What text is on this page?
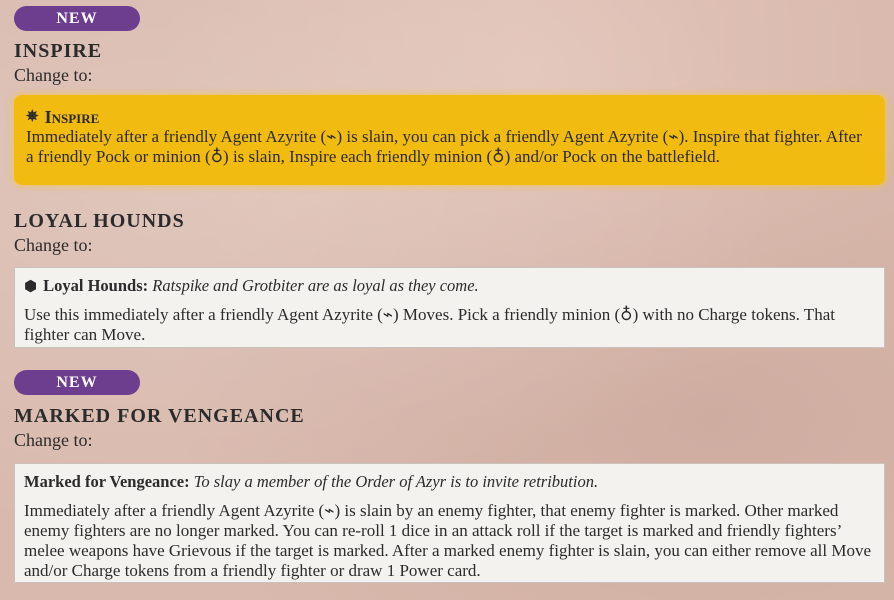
NEW
INSPIRE
Change to:
✵ Inspire
Immediately after a friendly Agent Azyrite (⌁) is slain, you can pick a friendly Agent Azyrite (⌁). Inspire that fighter. After a friendly Pock or minion (♁) is slain, Inspire each friendly minion (♁) and/or Pock on the battlefield.
LOYAL HOUNDS
Change to:
⬢ Loyal Hounds: Ratspike and Grotbiter are as loyal as they come.
Use this immediately after a friendly Agent Azyrite (⌁) Moves. Pick a friendly minion (♁) with no Charge tokens. That fighter can Move.
NEW
MARKED FOR VENGEANCE
Change to:
Marked for Vengeance: To slay a member of the Order of Azyr is to invite retribution.
Immediately after a friendly Agent Azyrite (⌁) is slain by an enemy fighter, that enemy fighter is marked. Other marked enemy fighters are no longer marked. You can re-roll 1 dice in an attack roll if the target is marked and friendly fighters’ melee weapons have Grievous if the target is marked. After a marked enemy fighter is slain, you can either remove all Move and/or Charge tokens from a friendly fighter or draw 1 Power card.
